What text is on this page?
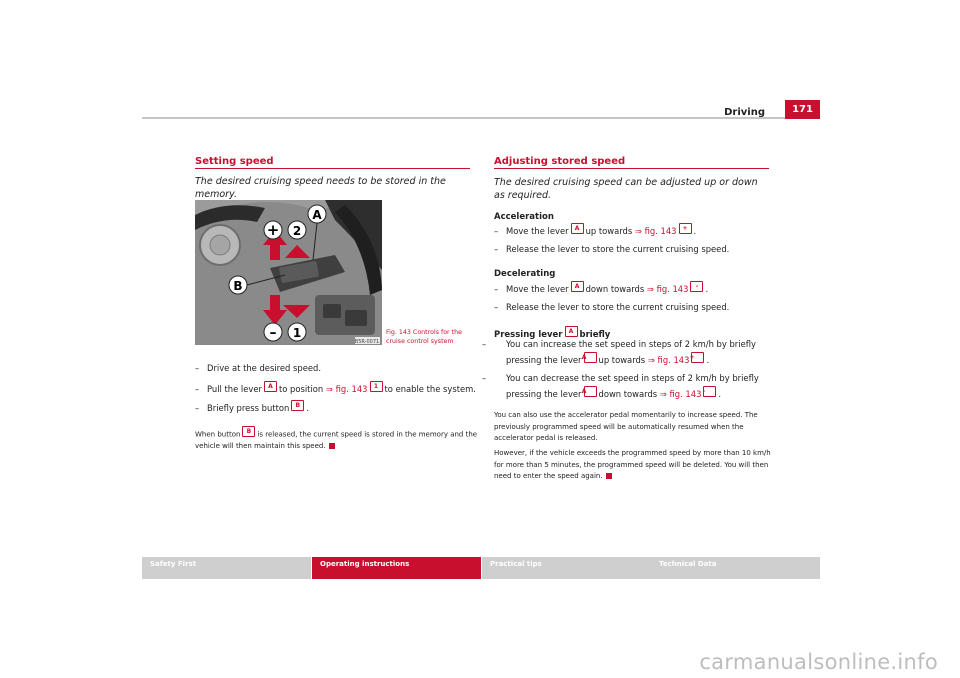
Driving	171
Setting speed
The desired cruising speed needs to be stored in the memory.
+ 2
A
B
– 1
B5R-0071
Fig. 143 Controls for the cruise control system
– Drive at the desired speed.
– Pull the lever A to position ⇒ fig. 143 1 to enable the system.
– Briefly press button B .
When button B is released, the current speed is stored in the memory and the vehicle will then maintain this speed.
Adjusting stored speed
The desired cruising speed can be adjusted up or down as required.
Acceleration
– Move the lever A up towards ⇒ fig. 143 + .
– Release the lever to store the current cruising speed.
Decelerating
– Move the lever A down towards ⇒ fig. 143 - .
– Release the lever to store the current cruising speed.
Pressing lever A briefly
– You can increase the set speed in steps of 2 km/h by briefly pressing the leverA up towards ⇒ fig. 143+ .
– You can decrease the set speed in steps of 2 km/h by briefly pressing the leverA down towards ⇒ fig. 143- .
You can also use the accelerator pedal momentarily to increase speed. The previously programmed speed will be automatically resumed when the accelerator pedal is released.
However, if the vehicle exceeds the programmed speed by more than 10 km/h for more than 5 minutes, the programmed speed will be deleted. You will then need to enter the speed again.
Safety First	Operating instructions	Practical tips	Technical Data
carmanualsonline.info
